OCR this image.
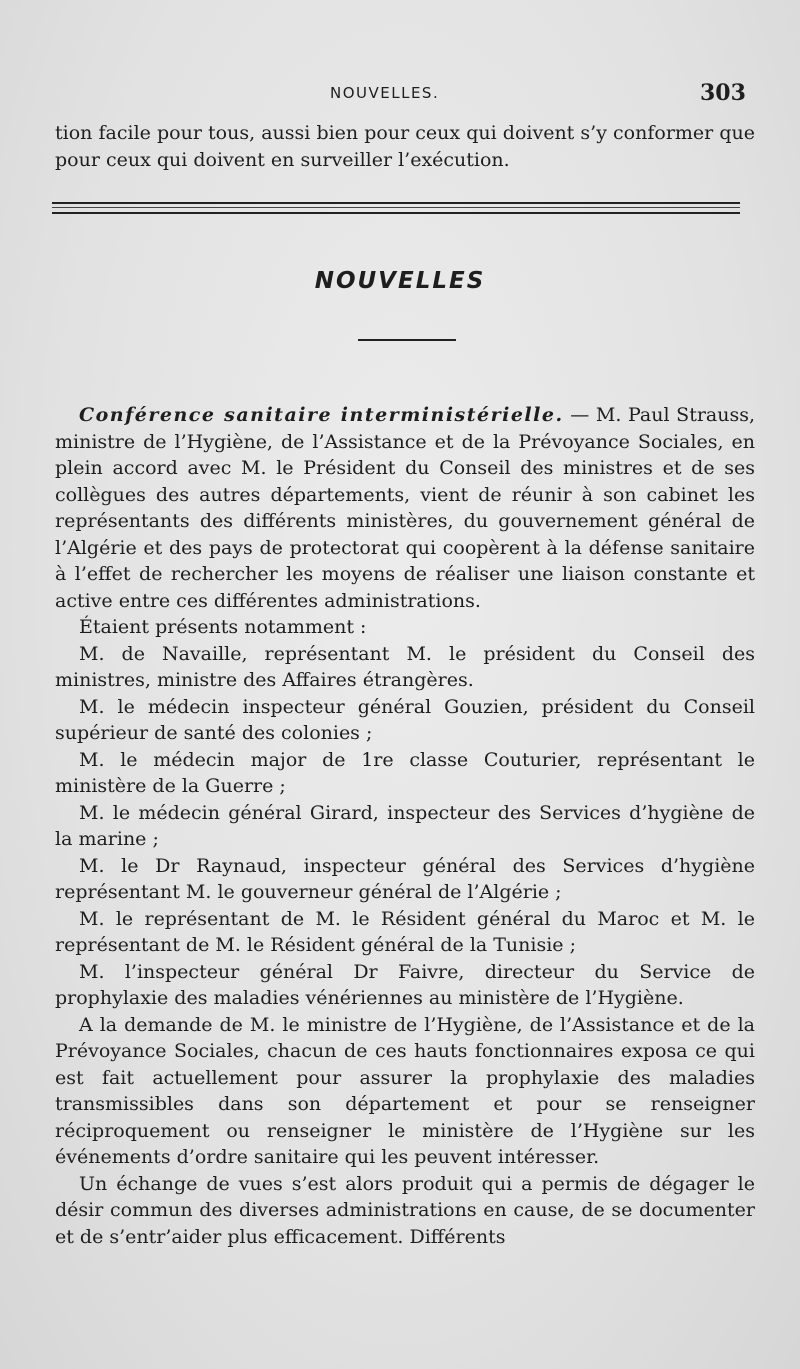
NOUVELLES.	303

tion facile pour tous, aussi bien pour ceux qui doivent s’y conformer que pour ceux qui doivent en surveiller l’exécution.

NOUVELLES

Conférence sanitaire interministérielle. — M. Paul Strauss, ministre de l’Hygiène, de l’Assistance et de la Prévoyance Sociales, en plein accord avec M. le Président du Conseil des ministres et de ses collègues des autres départements, vient de réunir à son cabinet les représentants des différents ministères, du gouvernement général de l’Algérie et des pays de protectorat qui coopèrent à la défense sanitaire à l’effet de rechercher les moyens de réaliser une liaison constante et active entre ces différentes administrations.

Étaient présents notamment :

M. de Navaille, représentant M. le président du Conseil des ministres, ministre des Affaires étrangères.

M. le médecin inspecteur général Gouzien, président du Conseil supérieur de santé des colonies ;

M. le médecin major de 1re classe Couturier, représentant le ministère de la Guerre ;

M. le médecin général Girard, inspecteur des Services d’hygiène de la marine ;

M. le Dr Raynaud, inspecteur général des Services d’hygiène représentant M. le gouverneur général de l’Algérie ;

M. le représentant de M. le Résident général du Maroc et M. le représentant de M. le Résident général de la Tunisie ;

M. l’inspecteur général Dr Faivre, directeur du Service de prophylaxie des maladies vénériennes au ministère de l’Hygiène.

A la demande de M. le ministre de l’Hygiène, de l’Assistance et de la Prévoyance Sociales, chacun de ces hauts fonctionnaires exposa ce qui est fait actuellement pour assurer la prophylaxie des maladies transmissibles dans son département et pour se renseigner réciproquement ou renseigner le ministère de l’Hygiène sur les événements d’ordre sanitaire qui les peuvent intéresser.

Un échange de vues s’est alors produit qui a permis de dégager le désir commun des diverses administrations en cause, de se documenter et de s’entr’aider plus efficacement. Différents
